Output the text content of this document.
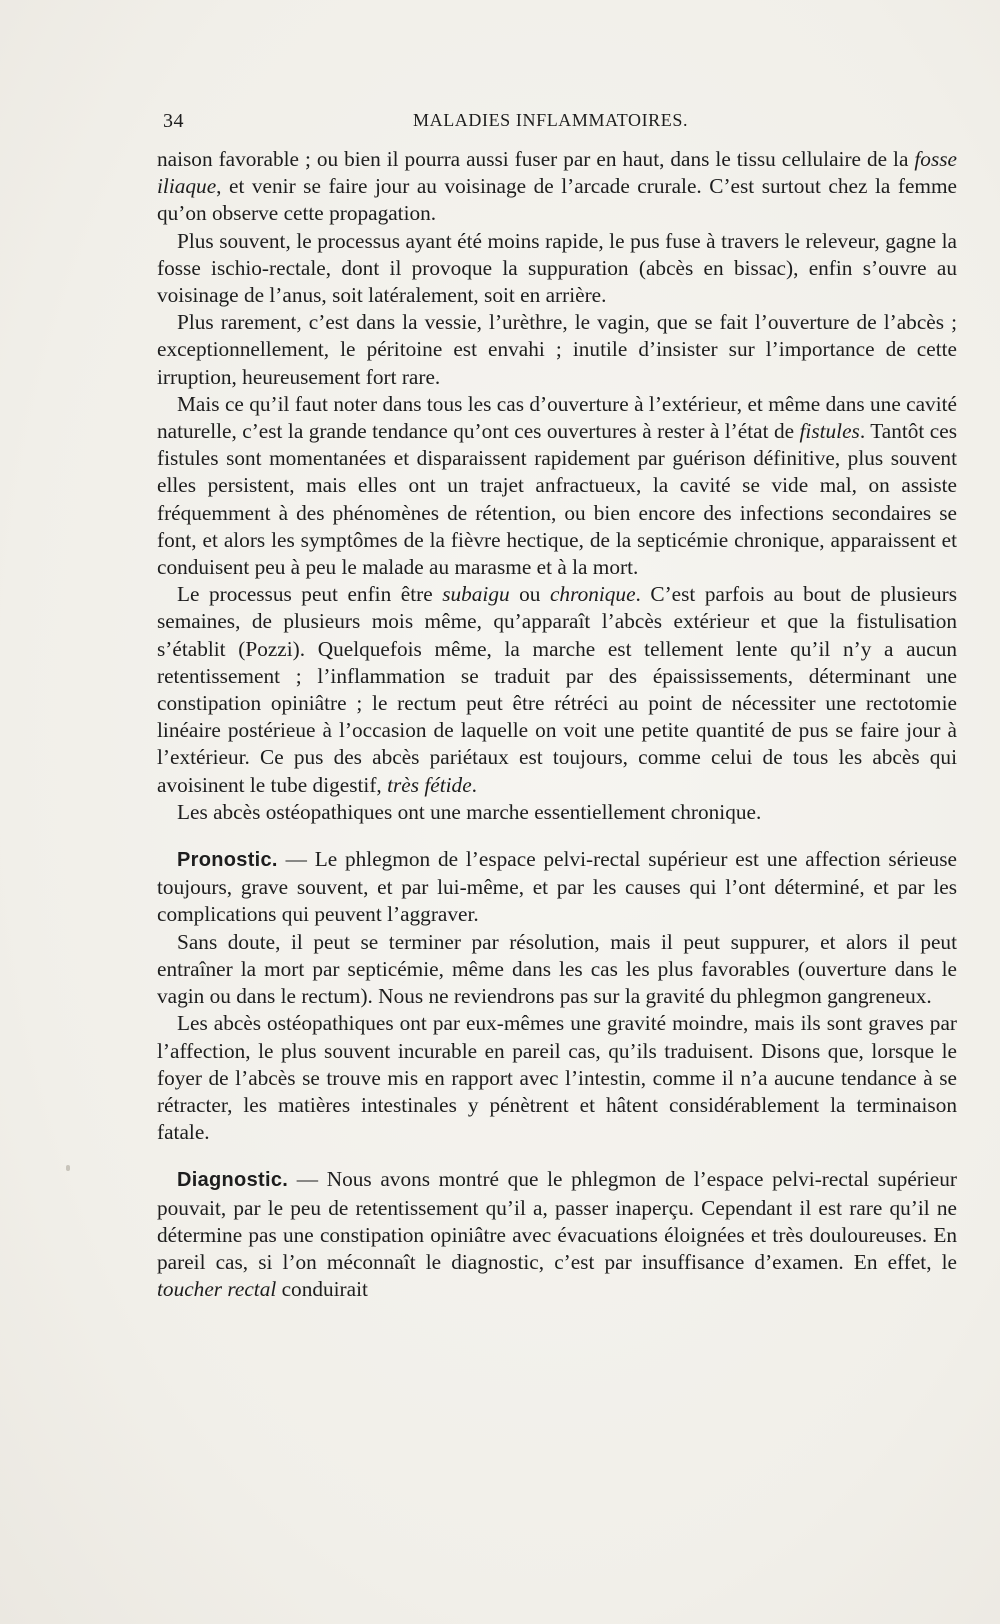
34	MALADIES INFLAMMATOIRES.

naison favorable ; ou bien il pourra aussi fuser par en haut, dans le tissu cellulaire de la fosse iliaque, et venir se faire jour au voisinage de l’arcade crurale. C’est surtout chez la femme qu’on observe cette propagation.

Plus souvent, le processus ayant été moins rapide, le pus fuse à travers le releveur, gagne la fosse ischio-rectale, dont il provoque la suppuration (abcès en bissac), enfin s’ouvre au voisinage de l’anus, soit latéralement, soit en arrière.

Plus rarement, c’est dans la vessie, l’urèthre, le vagin, que se fait l’ouverture de l’abcès ; exceptionnellement, le péritoine est envahi ; inutile d’insister sur l’importance de cette irruption, heureusement fort rare.

Mais ce qu’il faut noter dans tous les cas d’ouverture à l’extérieur, et même dans une cavité naturelle, c’est la grande tendance qu’ont ces ouvertures à rester à l’état de fistules. Tantôt ces fistules sont momentanées et disparaissent rapidement par guérison définitive, plus souvent elles persistent, mais elles ont un trajet anfractueux, la cavité se vide mal, on assiste fréquemment à des phénomènes de rétention, ou bien encore des infections secondaires se font, et alors les symptômes de la fièvre hectique, de la septicémie chronique, apparaissent et conduisent peu à peu le malade au marasme et à la mort.

Le processus peut enfin être subaigu ou chronique. C’est parfois au bout de plusieurs semaines, de plusieurs mois même, qu’apparaît l’abcès extérieur et que la fistulisation s’établit (Pozzi). Quelquefois même, la marche est tellement lente qu’il n’y a aucun retentissement ; l’inflammation se traduit par des épaississements, déterminant une constipation opiniâtre ; le rectum peut être rétréci au point de nécessiter une rectotomie linéaire postérieue à l’occasion de laquelle on voit une petite quantité de pus se faire jour à l’extérieur. Ce pus des abcès pariétaux est toujours, comme celui de tous les abcès qui avoisinent le tube digestif, très fétide.

Les abcès ostéopathiques ont une marche essentiellement chronique.

Pronostic. — Le phlegmon de l’espace pelvi-rectal supérieur est une affection sérieuse toujours, grave souvent, et par lui-même, et par les causes qui l’ont déterminé, et par les complications qui peuvent l’aggraver.

Sans doute, il peut se terminer par résolution, mais il peut suppurer, et alors il peut entraîner la mort par septicémie, même dans les cas les plus favorables (ouverture dans le vagin ou dans le rectum). Nous ne reviendrons pas sur la gravité du phlegmon gangreneux.

Les abcès ostéopathiques ont par eux-mêmes une gravité moindre, mais ils sont graves par l’affection, le plus souvent incurable en pareil cas, qu’ils traduisent. Disons que, lorsque le foyer de l’abcès se trouve mis en rapport avec l’intestin, comme il n’a aucune tendance à se rétracter, les matières intestinales y pénètrent et hâtent considérablement la terminaison fatale.

Diagnostic. — Nous avons montré que le phlegmon de l’espace pelvi-rectal supérieur pouvait, par le peu de retentissement qu’il a, passer inaperçu. Cependant il est rare qu’il ne détermine pas une constipation opiniâtre avec évacuations éloignées et très douloureuses. En pareil cas, si l’on méconnaît le diagnostic, c’est par insuffisance d’examen. En effet, le toucher rectal conduirait
